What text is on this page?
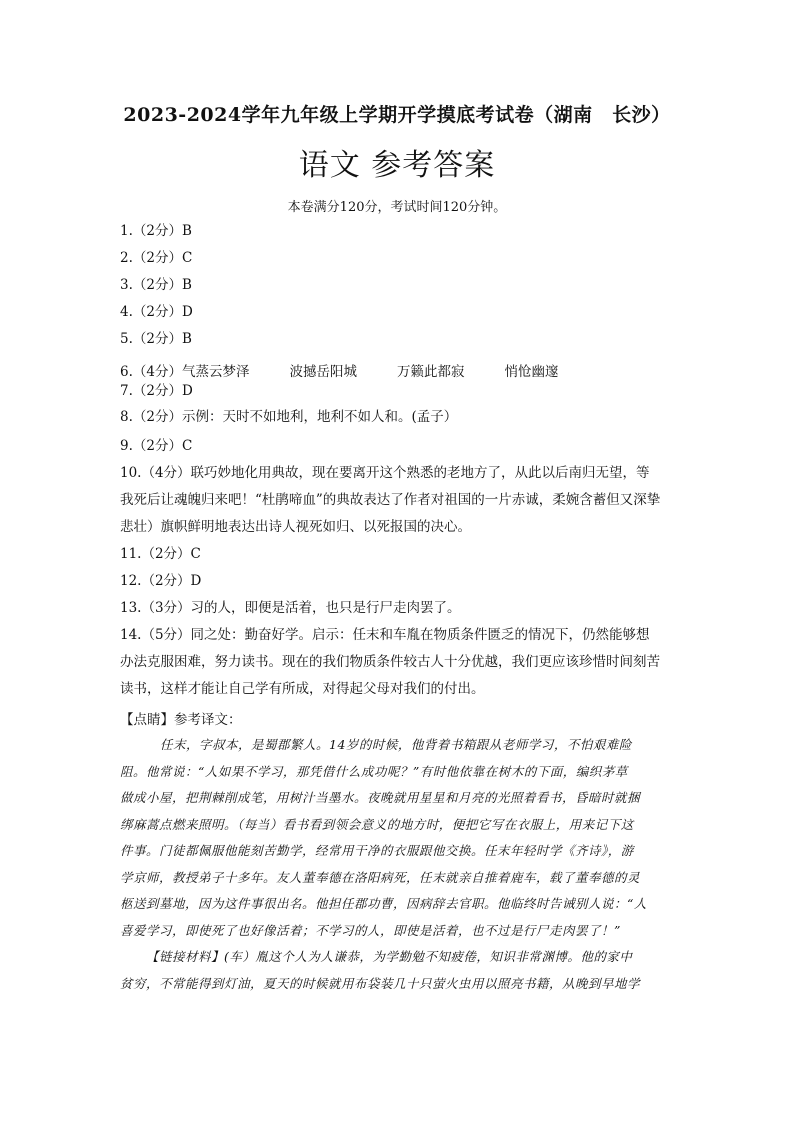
2023-2024学年九年级上学期开学摸底考试卷（湖南　长沙）
语文 参考答案
本卷满分120分，考试时间120分钟。
1.（2分）B
2.（2分）C
3.（2分）B
4.（2分）D
5.（2分）B
6.（4分）气蒸云梦泽	波撼岳阳城	万籁此都寂	悄怆幽邃
7.（2分）D
8.（2分）示例：天时不如地利，地利不如人和。(孟子）
9.（2分）C
10.（4分）联巧妙地化用典故，现在要离开这个熟悉的老地方了，从此以后南归无望，等
我死后让魂魄归来吧！“杜鹃啼血”的典故表达了作者对祖国的一片赤诚，柔婉含蓄但又深挚
悲壮）旗帜鲜明地表达出诗人视死如归、以死报国的决心。
11.（2分）C
12.（2分）D
13.（3分）习的人，即便是活着，也只是行尸走肉罢了。
14.（5分）同之处：勤奋好学。启示：任末和车胤在物质条件匮乏的情况下，仍然能够想
办法克服困难，努力读书。现在的我们物质条件较古人十分优越，我们更应该珍惜时间刻苦
读书，这样才能让自己学有所成，对得起父母对我们的付出。
【点睛】参考译文：
任末，字叔本，是蜀郡繁人。14岁的时候，他背着书箱跟从老师学习，不怕艰难险
阻。他常说：“人如果不学习，那凭借什么成功呢？”有时他依靠在树木的下面，编织茅草
做成小屋，把荆棘削成笔，用树汁当墨水。夜晚就用星星和月亮的光照着看书，昏暗时就捆
绑麻蒿点燃来照明。（每当）看书看到领会意义的地方时，便把它写在衣服上，用来记下这
件事。门徒都佩服他能刻苦勤学，经常用干净的衣服跟他交换。任末年轻时学《齐诗》，游
学京师，教授弟子十多年。友人董奉德在洛阳病死，任末就亲自推着鹿车，载了董奉德的灵
柩送到墓地，因为这件事很出名。他担任郡功曹，因病辞去官职。他临终时告诫别人说：“人
喜爱学习，即使死了也好像活着；不学习的人，即使是活着，也不过是行尸走肉罢了！”
【链接材料】(车）胤这个人为人谦恭，为学勤勉不知疲倦，知识非常渊博。他的家中
贫穷，不常能得到灯油，夏天的时候就用布袋装几十只萤火虫用以照亮书籍，从晚到早地学
